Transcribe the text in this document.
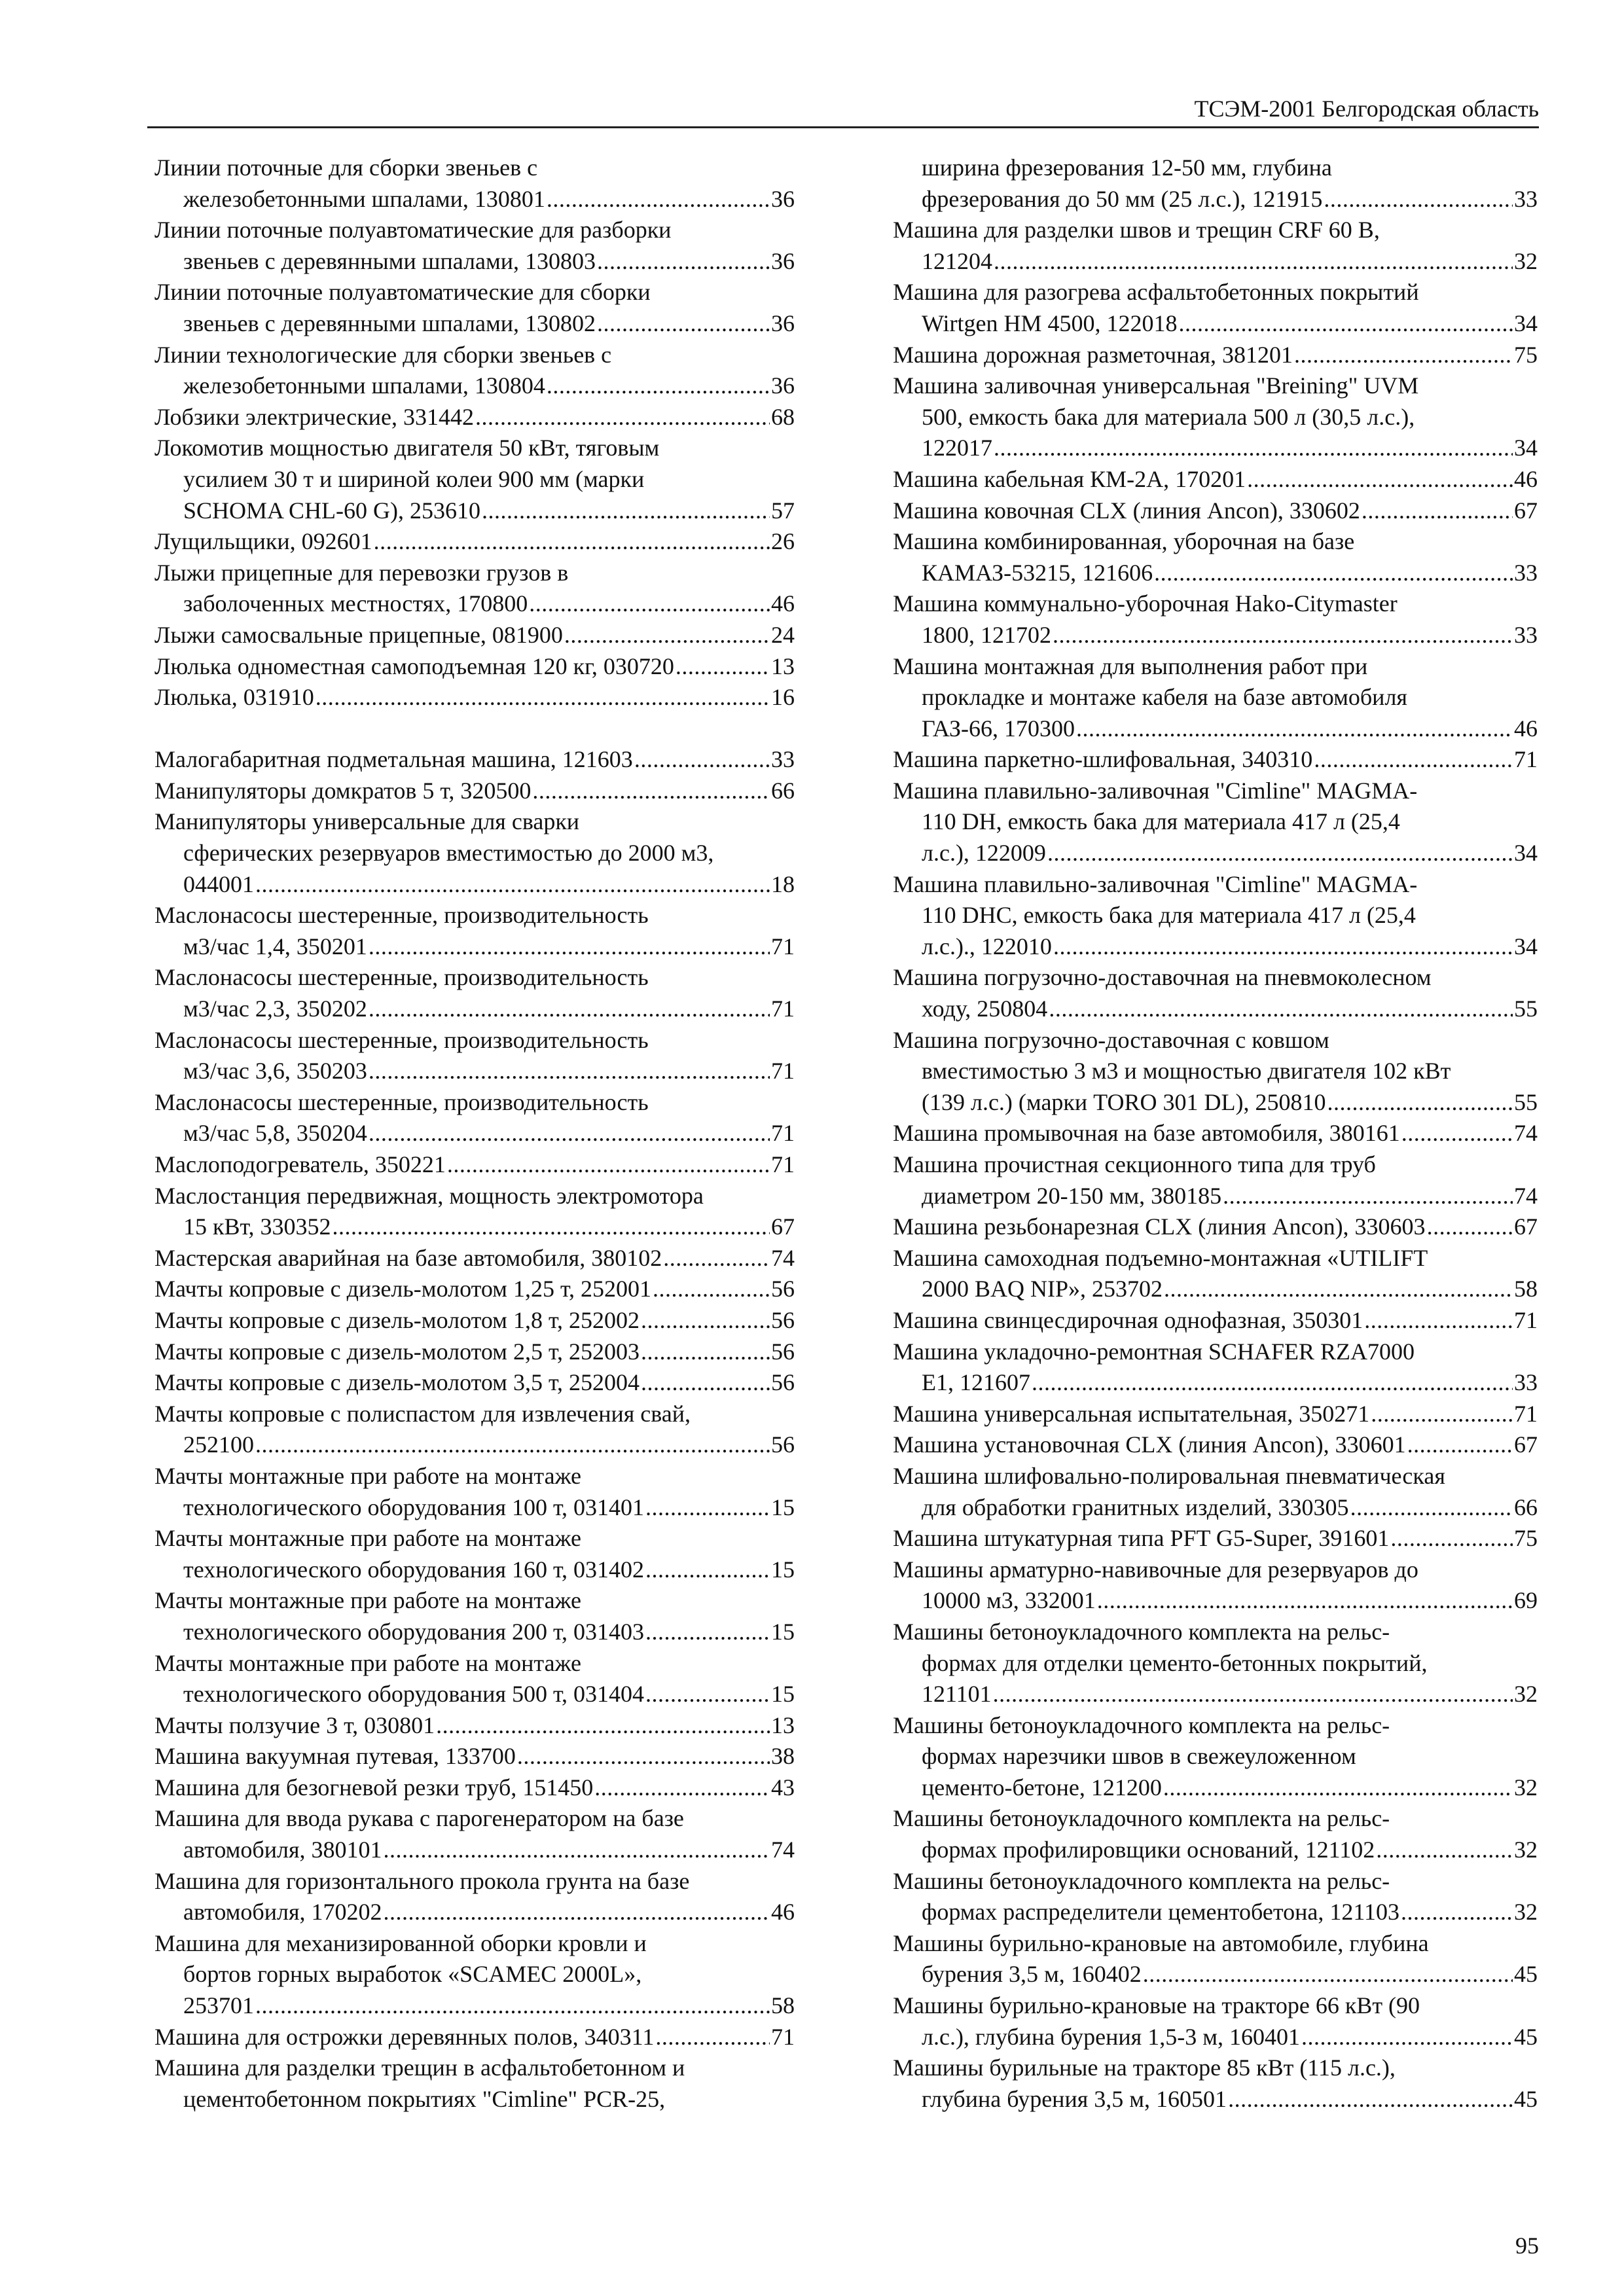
ТСЭМ-2001 Белгородская область
Линии поточные для сборки звеньев с
железобетонными шпалами, 130801 .....	36
Линии поточные полуавтоматические для разборки
звеньев с деревянными шпалами, 130803 .....	36
Линии поточные полуавтоматические для сборки
звеньев с деревянными шпалами, 130802 .....	36
Линии технологические для сборки звеньев с
железобетонными шпалами, 130804 .....	36
Лобзики электрические, 331442 .....	68
Локомотив мощностью двигателя 50 кВт, тяговым
усилием 30 т и шириной колеи 900 мм (марки
SCHOMA CHL-60 G), 253610 .....	57
Лущильщики, 092601 .....	26
Лыжи прицепные для перевозки грузов в
заболоченных местностях, 170800 .....	46
Лыжи самосвальные прицепные, 081900 .....	24
Люлька одноместная самоподъемная 120 кг, 030720 .....	13
Люлька, 031910 .....	16
Малогабаритная подметальная машина, 121603 .....	33
Манипуляторы домкратов 5 т, 320500 .....	66
Манипуляторы универсальные для сварки
сферических резервуаров вместимостью до 2000 м3,
044001 .....	18
Маслонасосы шестеренные, производительность
м3/час 1,4, 350201 .....	71
Маслонасосы шестеренные, производительность
м3/час 2,3, 350202 .....	71
Маслонасосы шестеренные, производительность
м3/час 3,6, 350203 .....	71
Маслонасосы шестеренные, производительность
м3/час 5,8, 350204 .....	71
Маслоподогреватель, 350221 .....	71
Маслостанция передвижная, мощность электромотора
15 кВт, 330352 .....	67
Мастерская аварийная на базе автомобиля, 380102 .....	74
Мачты копровые с дизель-молотом 1,25 т, 252001 .....	56
Мачты копровые с дизель-молотом 1,8 т, 252002 .....	56
Мачты копровые с дизель-молотом 2,5 т, 252003 .....	56
Мачты копровые с дизель-молотом 3,5 т, 252004 .....	56
Мачты копровые с полиспастом для извлечения свай,
252100 .....	56
Мачты монтажные при работе на монтаже
технологического оборудования 100 т, 031401 .....	15
Мачты монтажные при работе на монтаже
технологического оборудования 160 т, 031402 .....	15
Мачты монтажные при работе на монтаже
технологического оборудования 200 т, 031403 .....	15
Мачты монтажные при работе на монтаже
технологического оборудования 500 т, 031404 .....	15
Мачты ползучие 3 т, 030801 .....	13
Машина вакуумная путевая, 133700 .....	38
Машина для безогневой резки труб, 151450 .....	43
Машина для ввода рукава с парогенератором на базе
автомобиля, 380101 .....	74
Машина для горизонтального прокола грунта на базе
автомобиля, 170202 .....	46
Машина для механизированной оборки кровли и
бортов горных выработок «SCAMEC 2000L»,
253701 .....	58
Машина для острожки деревянных полов, 340311 .....	71
Машина для разделки трещин в асфальтобетонном и
цементобетонном покрытиях "Cimline" PCR-25,
ширина фрезерования 12-50 мм, глубина
фрезерования до 50 мм (25 л.с.), 121915 .....	33
Машина для разделки швов и трещин CRF 60 B,
121204 .....	32
Машина для разогрева асфальтобетонных покрытий
Wirtgen HM 4500, 122018 .....	34
Машина дорожная разметочная, 381201 .....	75
Машина заливочная универсальная "Breining" UVM
500, емкость бака для материала 500 л (30,5 л.с.),
122017 .....	34
Машина кабельная КМ-2А, 170201 .....	46
Машина ковочная CLX (линия Ancon), 330602 .....	67
Машина комбинированная, уборочная на базе
КАМАЗ-53215, 121606 .....	33
Машина коммунально-уборочная Hako-Citymaster
1800, 121702 .....	33
Машина монтажная для выполнения работ при
прокладке и монтаже кабеля на базе автомобиля
ГАЗ-66, 170300 .....	46
Машина паркетно-шлифовальная, 340310 .....	71
Машина плавильно-заливочная "Cimline" MAGMA-
110 DH, емкость бака для материала 417 л (25,4
л.с.), 122009 .....	34
Машина плавильно-заливочная "Cimline" MAGMA-
110 DHC, емкость бака для материала 417 л (25,4
л.с.)., 122010 .....	34
Машина погрузочно-доставочная на пневмоколесном
ходу, 250804 .....	55
Машина погрузочно-доставочная с ковшом
вместимостью 3 м3 и мощностью двигателя 102 кВт
(139 л.с.) (марки TORO 301 DL), 250810 .....	55
Машина промывочная на базе автомобиля, 380161 .....	74
Машина прочистная секционного типа для труб
диаметром 20-150 мм, 380185 .....	74
Машина резьбонарезная CLX (линия Ancon), 330603 .....	67
Машина самоходная подъемно-монтажная «UTILIFT
2000 BAQ NIP», 253702 .....	58
Машина свинцесдирочная однофазная, 350301 .....	71
Машина укладочно-ремонтная SCHAFER RZA7000
E1, 121607 .....	33
Машина универсальная испытательная, 350271 .....	71
Машина установочная CLX (линия Ancon), 330601 .....	67
Машина шлифовально-полировальная пневматическая
для обработки гранитных изделий, 330305 .....	66
Машина штукатурная типа PFT G5-Super, 391601 .....	75
Машины арматурно-навивочные для резервуаров до
10000 м3, 332001 .....	69
Машины бетоноукладочного комплекта на рельс-
формах для отделки цементо-бетонных покрытий,
121101 .....	32
Машины бетоноукладочного комплекта на рельс-
формах нарезчики швов в свежеуложенном
цементо-бетоне, 121200 .....	32
Машины бетоноукладочного комплекта на рельс-
формах профилировщики оснований, 121102 .....	32
Машины бетоноукладочного комплекта на рельс-
формах распределители цементобетона, 121103 .....	32
Машины бурильно-крановые на автомобиле, глубина
бурения 3,5 м, 160402 .....	45
Машины бурильно-крановые на тракторе 66 кВт (90
л.с.), глубина бурения 1,5-3 м, 160401 .....	45
Машины бурильные на тракторе 85 кВт (115 л.с.),
глубина бурения 3,5 м, 160501 .....	45
95
